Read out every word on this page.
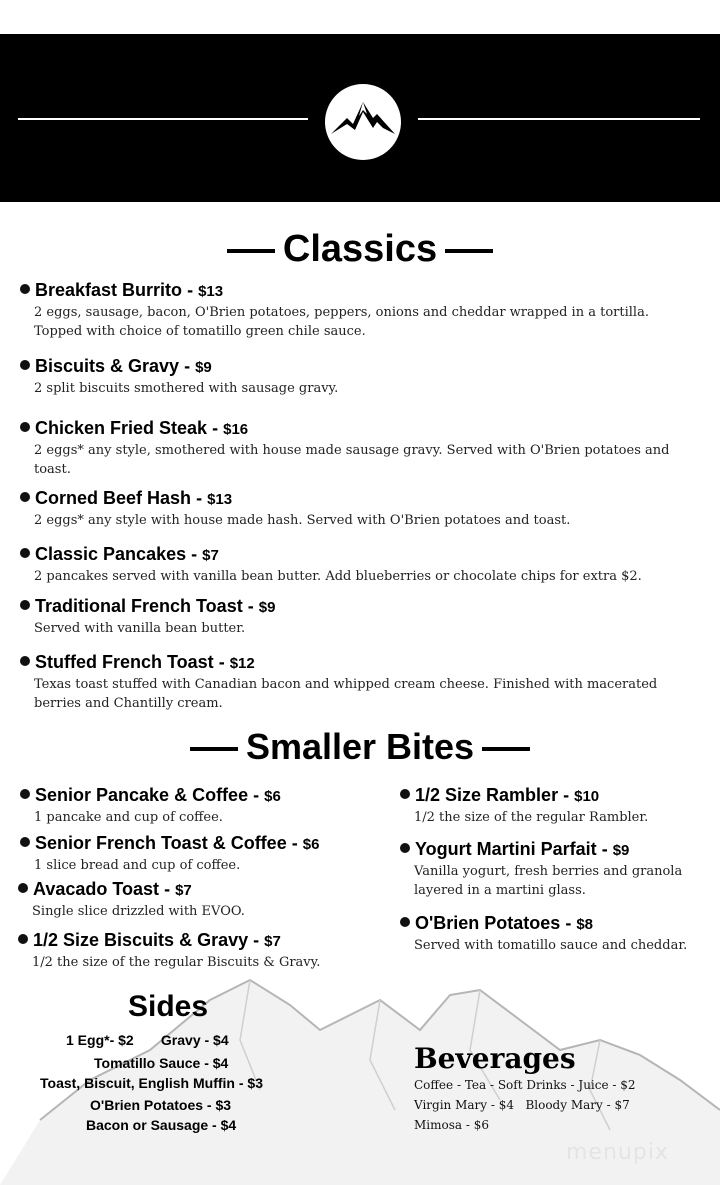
Classics
Breakfast Burrito - $13
2 eggs, sausage, bacon, O'Brien potatoes, peppers, onions and cheddar wrapped in a tortilla. Topped with choice of tomatillo green chile sauce.
Biscuits & Gravy - $9
2 split biscuits smothered with sausage gravy.
Chicken Fried Steak - $16
2 eggs* any style, smothered with house made sausage gravy. Served with O'Brien potatoes and toast.
Corned Beef Hash - $13
2 eggs* any style with house made hash. Served with O'Brien potatoes and toast.
Classic Pancakes - $7
2 pancakes served with vanilla bean butter. Add blueberries or chocolate chips for extra $2.
Traditional French Toast - $9
Served with vanilla bean butter.
Stuffed French Toast - $12
Texas toast stuffed with Canadian bacon and whipped cream cheese. Finished with macerated berries and Chantilly cream.
Smaller Bites
Senior Pancake & Coffee - $6
1 pancake and cup of coffee.
Senior French Toast & Coffee - $6
1 slice bread and cup of coffee.
Avacado Toast - $7
Single slice drizzled with EVOO.
1/2 Size Biscuits & Gravy - $7
1/2 the size of the regular Biscuits & Gravy.
1/2 Size Rambler - $10
1/2 the size of the regular Rambler.
Yogurt Martini Parfait - $9
Vanilla yogurt, fresh berries and granola layered in a martini glass.
O'Brien Potatoes - $8
Served with tomatillo sauce and cheddar.
Sides
1 Egg*- $2       Gravy - $4
Tomatillo Sauce - $4
Toast, Biscuit, English Muffin - $3
O'Brien Potatoes - $3
Bacon or Sausage - $4
Beverages
Coffee - Tea - Soft Drinks - Juice - $2
Virgin Mary - $4   Bloody Mary - $7
Mimosa - $6
menupix
